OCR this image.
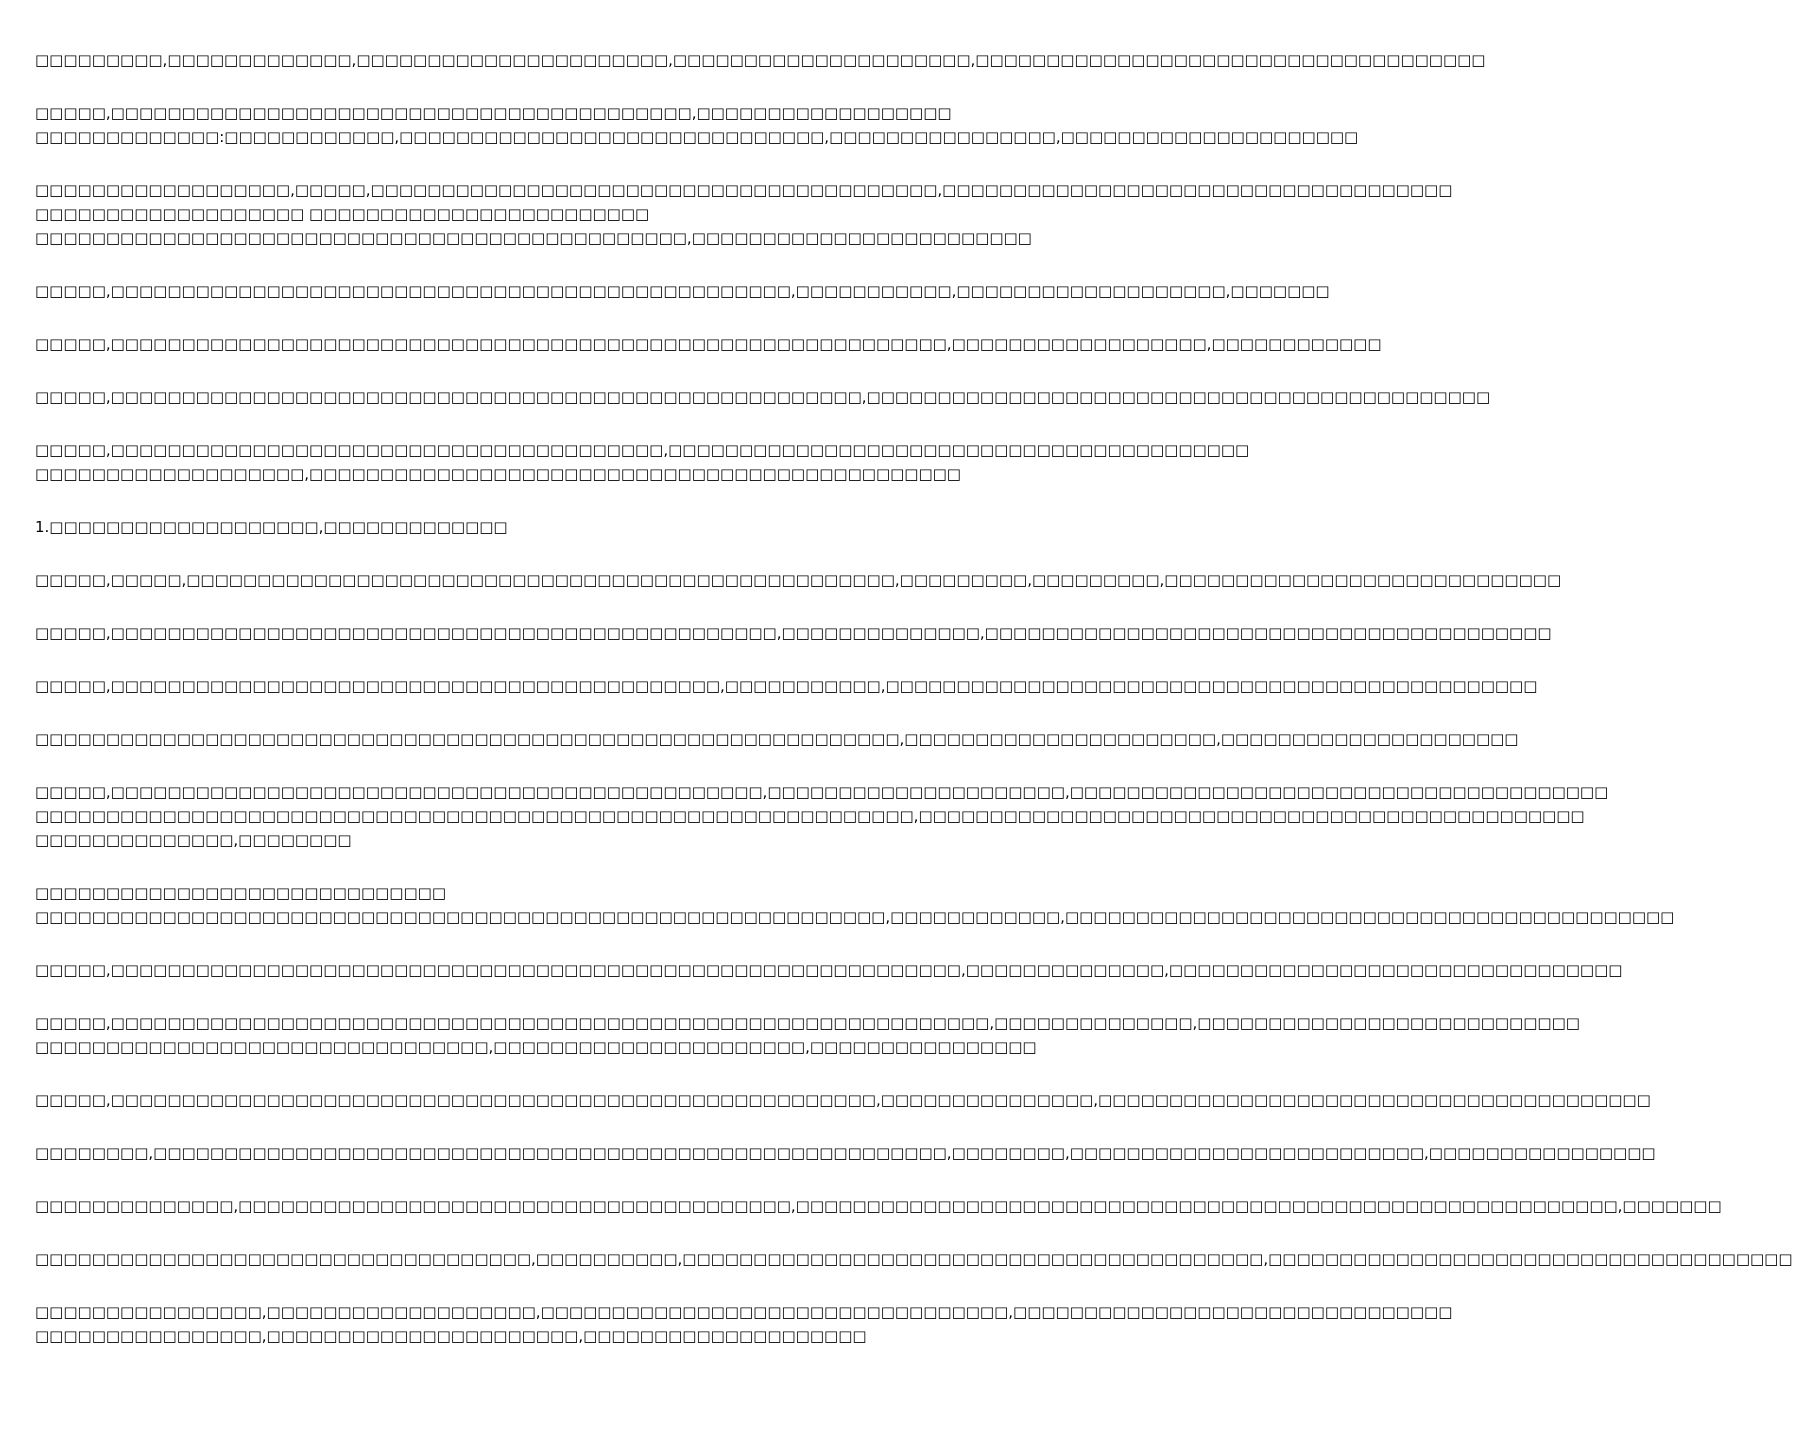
□□□□□□□□□,□□□□□□□□□□□□□,□□□□□□□□□□□□□□□□□□□□□□,□□□□□□□□□□□□□□□□□□□□□,□□□□□□□□□□□□□□□□□□□□□□□□□□□□□□□□□□□□
□□□□□,□□□□□□□□□□□□□□□□□□□□□□□□□□□□□□□□□□□□□□□□□,□□□□□□□□□□□□□□□□□□
□□□□□□□□□□□□□:□□□□□□□□□□□□,□□□□□□□□□□□□□□□□□□□□□□□□□□□□□□,□□□□□□□□□□□□□□□□,□□□□□□□□□□□□□□□□□□□□□
□□□□□□□□□□□□□□□□□□,□□□□□,□□□□□□□□□□□□□□□□□□□□□□□□□□□□□□□□□□□□□□□□,□□□□□□□□□□□□□□□□□□□□□□□□□□□□□□□□□□□□
□□□□□□□□□□□□□□□□□□□ □□□□□□□□□□□□□□□□□□□□□□□□
□□□□□□□□□□□□□□□□□□□□□□□□□□□□□□□□□□□□□□□□□□□□□□,□□□□□□□□□□□□□□□□□□□□□□□□
□□□□□,□□□□□□□□□□□□□□□□□□□□□□□□□□□□□□□□□□□□□□□□□□□□□□□□,□□□□□□□□□□□,□□□□□□□□□□□□□□□□□□□,□□□□□□□
□□□□□,□□□□□□□□□□□□□□□□□□□□□□□□□□□□□□□□□□□□□□□□□□□□□□□□□□□□□□□□□□□,□□□□□□□□□□□□□□□□□□,□□□□□□□□□□□□
□□□□□,□□□□□□□□□□□□□□□□□□□□□□□□□□□□□□□□□□□□□□□□□□□□□□□□□□□□□,□□□□□□□□□□□□□□□□□□□□□□□□□□□□□□□□□□□□□□□□□□□□
□□□□□,□□□□□□□□□□□□□□□□□□□□□□□□□□□□□□□□□□□□□□□,□□□□□□□□□□□□□□□□□□□□□□□□□□□□□□□□□□□□□□□□□
□□□□□□□□□□□□□□□□□□□,□□□□□□□□□□□□□□□□□□□□□□□□□□□□□□□□□□□□□□□□□□□□□□
1.□□□□□□□□□□□□□□□□□□□,□□□□□□□□□□□□□
□□□□□,□□□□□,□□□□□□□□□□□□□□□□□□□□□□□□□□□□□□□□□□□□□□□□□□□□□□□□□□,□□□□□□□□□,□□□□□□□□□,□□□□□□□□□□□□□□□□□□□□□□□□□□□□
□□□□□,□□□□□□□□□□□□□□□□□□□□□□□□□□□□□□□□□□□□□□□□□□□□□□□,□□□□□□□□□□□□□□,□□□□□□□□□□□□□□□□□□□□□□□□□□□□□□□□□□□□□□□□
□□□□□,□□□□□□□□□□□□□□□□□□□□□□□□□□□□□□□□□□□□□□□□□□□,□□□□□□□□□□□,□□□□□□□□□□□□□□□□□□□□□□□□□□□□□□□□□□□□□□□□□□□□□□
□□□□□□□□□□□□□□□□□□□□□□□□□□□□□□□□□□□□□□□□□□□□□□□□□□□□□□□□□□□□□,□□□□□□□□□□□□□□□□□□□□□□,□□□□□□□□□□□□□□□□□□□□□
□□□□□,□□□□□□□□□□□□□□□□□□□□□□□□□□□□□□□□□□□□□□□□□□□□□□,□□□□□□□□□□□□□□□□□□□□□,□□□□□□□□□□□□□□□□□□□□□□□□□□□□□□□□□□□□□□
□□□□□□□□□□□□□□□□□□□□□□□□□□□□□□□□□□□□□□□□□□□□□□□□□□□□□□□□□□□□□□,□□□□□□□□□□□□□□□□□□□□□□□□□□□□□□□□□□□□□□□□□□□□□□□
□□□□□□□□□□□□□□,□□□□□□□□
□□□□□□□□□□□□□□□□□□□□□□□□□□□□□
□□□□□□□□□□□□□□□□□□□□□□□□□□□□□□□□□□□□□□□□□□□□□□□□□□□□□□□□□□□□,□□□□□□□□□□□□,□□□□□□□□□□□□□□□□□□□□□□□□□□□□□□□□□□□□□□□□□□□
□□□□□,□□□□□□□□□□□□□□□□□□□□□□□□□□□□□□□□□□□□□□□□□□□□□□□□□□□□□□□□□□□□,□□□□□□□□□□□□□□,□□□□□□□□□□□□□□□□□□□□□□□□□□□□□□□□
□□□□□,□□□□□□□□□□□□□□□□□□□□□□□□□□□□□□□□□□□□□□□□□□□□□□□□□□□□□□□□□□□□□□,□□□□□□□□□□□□□□,□□□□□□□□□□□□□□□□□□□□□□□□□□□
□□□□□□□□□□□□□□□□□□□□□□□□□□□□□□□□,□□□□□□□□□□□□□□□□□□□□□□,□□□□□□□□□□□□□□□□
□□□□□,□□□□□□□□□□□□□□□□□□□□□□□□□□□□□□□□□□□□□□□□□□□□□□□□□□□□□□,□□□□□□□□□□□□□□□,□□□□□□□□□□□□□□□□□□□□□□□□□□□□□□□□□□□□□□□
□□□□□□□□,□□□□□□□□□□□□□□□□□□□□□□□□□□□□□□□□□□□□□□□□□□□□□□□□□□□□□□□□,□□□□□□□□,□□□□□□□□□□□□□□□□□□□□□□□□□,□□□□□□□□□□□□□□□□
□□□□□□□□□□□□□□,□□□□□□□□□□□□□□□□□□□□□□□□□□□□□□□□□□□□□□□,□□□□□□□□□□□□□□□□□□□□□□□□□□□□□□□□□□□□□□□□□□□□□□□□□□□□□□□□□□,□□□□□□□
□□□□□□□□□□□□□□□□□□□□□□□□□□□□□□□□□□□,□□□□□□□□□□,□□□□□□□□□□□□□□□□□□□□□□□□□□□□□□□□□□□□□□□□□,□□□□□□□□□□□□□□□□□□□□□□□□□□□□□□□□□□□□□
□□□□□□□□□□□□□□□□,□□□□□□□□□□□□□□□□□□□,□□□□□□□□□□□□□□□□□□□□□□□□□□□□□□□□□,□□□□□□□□□□□□□□□□□□□□□□□□□□□□□□□
□□□□□□□□□□□□□□□□,□□□□□□□□□□□□□□□□□□□□□□,□□□□□□□□□□□□□□□□□□□□
